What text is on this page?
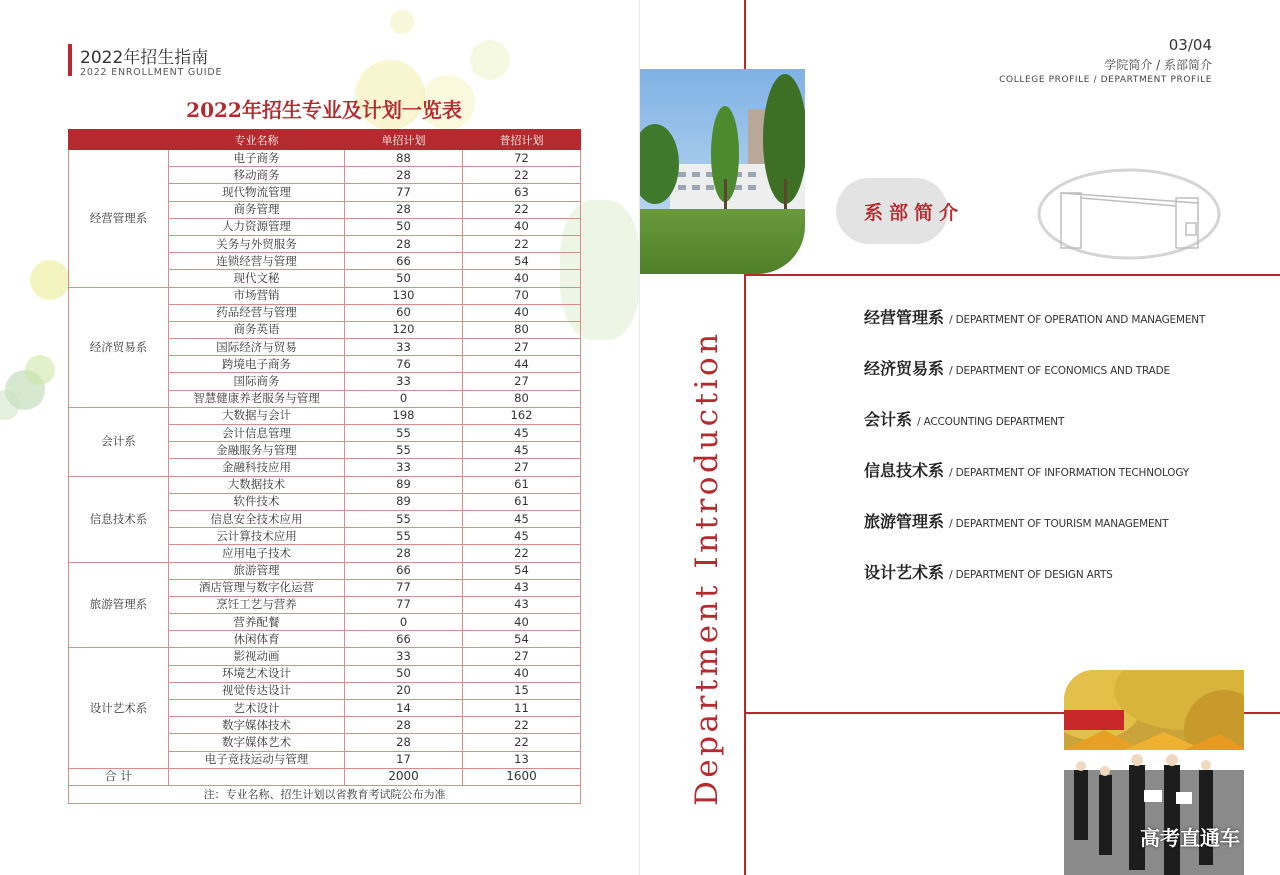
2022年招生指南
2022 ENROLLMENT GUIDE
2022年招生专业及计划一览表
	专业名称	单招计划	普招计划
经营管理系	电子商务	88	72
	移动商务	28	22
	现代物流管理	77	63
	商务管理	28	22
	人力资源管理	50	40
	关务与外贸服务	28	22
	连锁经营与管理	66	54
	现代文秘	50	40
经济贸易系	市场营销	130	70
	药品经营与管理	60	40
	商务英语	120	80
	国际经济与贸易	33	27
	跨境电子商务	76	44
	国际商务	33	27
	智慧健康养老服务与管理	0	80
会计系	大数据与会计	198	162
	会计信息管理	55	45
	金融服务与管理	55	45
	金融科技应用	33	27
信息技术系	大数据技术	89	61
	软件技术	89	61
	信息安全技术应用	55	45
	云计算技术应用	55	45
	应用电子技术	28	22
旅游管理系	旅游管理	66	54
	酒店管理与数字化运营	77	43
	烹饪工艺与营养	77	43
	营养配餐	0	40
	休闲体育	66	54
设计艺术系	影视动画	33	27
	环境艺术设计	50	40
	视觉传达设计	20	15
	艺术设计	14	11
	数字媒体技术	28	22
	数字媒体艺术	28	22
	电子竞技运动与管理	17	13
合 计		2000	1600
注：专业名称、招生计划以省教育考试院公布为准			
03/04
学院简介 / 系部简介
COLLEGE PROFILE / DEPARTMENT PROFILE
Department Introduction
系部简介
经营管理系 / DEPARTMENT OF OPERATION AND MANAGEMENT
经济贸易系 / DEPARTMENT OF ECONOMICS AND TRADE
会计系 / ACCOUNTING DEPARTMENT
信息技术系 / DEPARTMENT OF INFORMATION TECHNOLOGY
旅游管理系 / DEPARTMENT OF TOURISM MANAGEMENT
设计艺术系 / DEPARTMENT OF DESIGN ARTS
高考直通车
